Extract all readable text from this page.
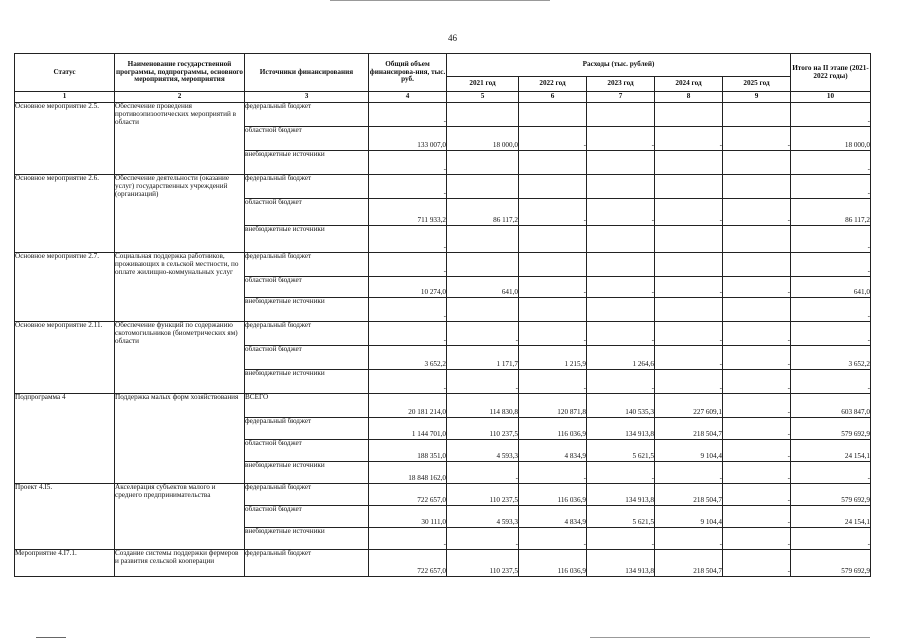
46
Статус	Наименование государственной программы, подпрограммы, основного мероприятия, мероприятия	Источники финансирования	Общий объем финансирова-ния, тыс. руб.	Расходы (тыс. рублей)					Итого на II этапе (2021-2022 годы)
				2021 год	2022 год	2023 год	2024 год	2025 год	
1	2	3	4	5	6	7	8	9	10
Основное мероприятие 2.5.	Обеспечение проведения противоэпизоотических мероприятий в области	федеральный бюджет	-						-
		областной бюджет	133 007,0	18 000,0	-	-	-	-	18 000,0
		внебюджетные источники	-						-
Основное мероприятие 2.6.	Обеспечение деятельности (оказание услуг) государственных учреждений (организаций)	федеральный бюджет	-						-
		областной бюджет	711 933,2	86 117,2	-	-	-	-	86 117,2
		внебюджетные источники	-						-
Основное мероприятие 2.7.	Социальная поддержка работников, проживающих в сельской местности, по оплате жилищно-коммунальных услуг	федеральный бюджет	-						-
		областной бюджет	10 274,0	641,0	-	-	-	-	641,0
		внебюджетные источники	-						-
Основное мероприятие 2.11.	Обеспечение функций по содержанию скотомогильников (биометрических ям) области	федеральный бюджет	-	-	-	-	-	-	-
		областной бюджет	3 652,2	1 171,7	1 215,9	1 264,6	-	-	3 652,2
		внебюджетные источники	-	-	-	-	-	-	-
Подпрограмма 4	Поддержка малых форм хозяйствования	ВСЕГО	20 181 214,0	114 830,8	120 871,8	140 535,3	227 609,1	-	603 847,0
		федеральный бюджет	1 144 701,0	110 237,5	116 036,9	134 913,8	218 504,7	-	579 692,9
		областной бюджет	188 351,0	4 593,3	4 834,9	5 621,5	9 104,4	-	24 154,1
		внебюджетные источники	18 848 162,0	-	-	-	-	-	-
Проект 4.I5.	Акселерация субъектов малого и среднего предпринимательства	федеральный бюджет	722 657,0	110 237,5	116 036,9	134 913,8	218 504,7	-	579 692,9
		областной бюджет	30 111,0	4 593,3	4 834,9	5 621,5	9 104,4	-	24 154,1
		внебюджетные источники	-	-	-	-	-	-	-
Мероприятие 4.I7.1.	Создание системы поддержки фермеров и развития сельской кооперации	федеральный бюджет	722 657,0	110 237,5	116 036,9	134 913,8	218 504,7	-	579 692,9
